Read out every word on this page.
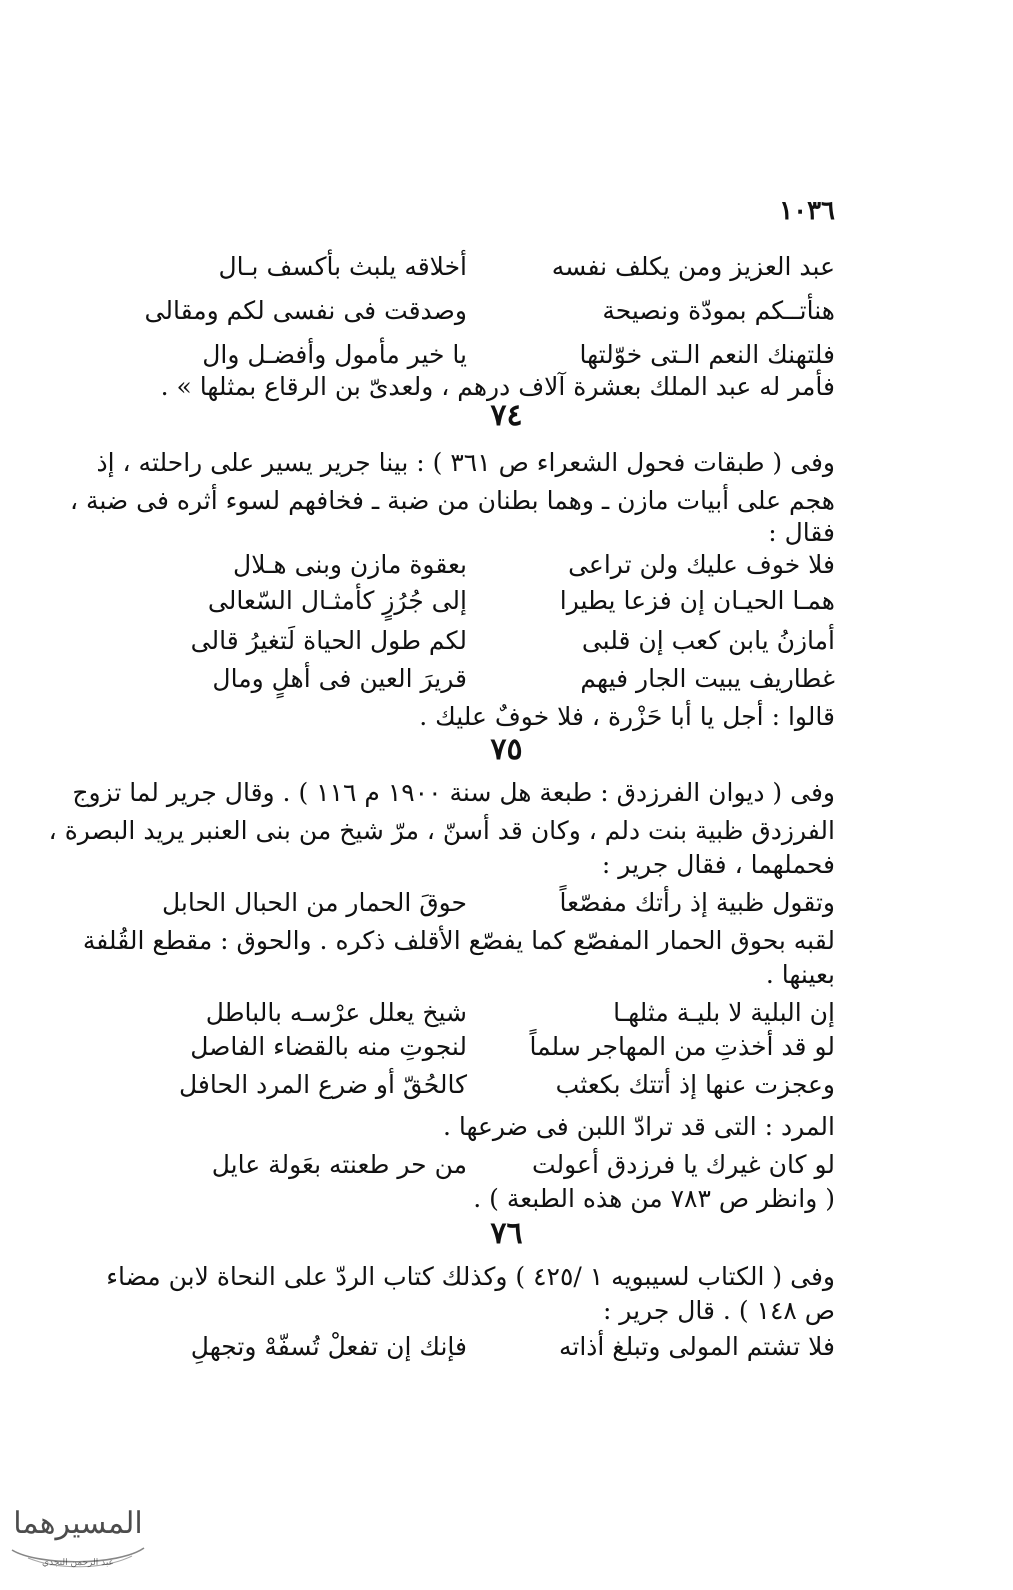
١٠٣٦
عبد العزيز ومن يكلف نفسه
أخلاقه يلبث بأكسف بـال
هنأتــكم بمودّة ونصيحة
وصدقت فى نفسى لكم ومقالى
فلتهنك النعم الـتى خوّلتها
يا خير مأمول وأفضـل وال
فأمر له عبد الملك بعشرة آلاف درهم ، ولعدىّ بن الرقاع بمثلها » .
٧٤
وفى ( طبقات فحول الشعراء ص ٣٦١ ) : بينا جرير يسير على راحلته ، إذ
هجم على أبيات مازن ـ وهما بطنان من ضبة ـ فخافهم لسوء أثره فى ضبة ،
فقال :
فلا خوف عليك ولن تراعى
بعقوة مازن وبنى هـلال
همـا الحيـان إن فزعا يطيرا
إلى جُرُزٍ كأمثـال السّعالى
أمازنُ يابن كعب إن قلبى
لكم طول الحياة لَتغيرُ قالى
غطاريف يبيت الجار فيهم
قريرَ العين فى أهلٍ ومال
قالوا : أجل يا أبا حَزْرة ، فلا خوفٌ عليك .
٧٥
وفى ( ديوان الفرزدق : طبعة هل سنة ١٩٠٠ م ١١٦ ) . وقال جرير لما تزوج
الفرزدق ظبية بنت دلم ، وكان قد أسنّ ، مرّ شيخ من بنى العنبر يريد البصرة ،
فحملهما ، فقال جرير :
وتقول ظبية إذ رأتك مفصّعاً
حوقَ الحمار من الحبال الحابل
لقبه بحوق الحمار المفصّع كما يفصّع الأقلف ذكره . والحوق : مقطع القُلفة
بعينها .
إن البلية لا بليـة مثلهـا
شيخ يعلل عرْسـه بالباطل
لو قد أخذتِ من المهاجر سلماً
لنجوتِ منه بالقضاء الفاصل
وعجزت عنها إذ أتتك بكعثب
كالحُقّ أو ضرع المرد الحافل
المرد : التى قد ترادّ اللبن فى ضرعها .
لو كان غيرك يا فرزدق أعولت
من حر طعنته بعَولة عايل
( وانظر ص ٧٨٣ من هذه الطبعة ) .
٧٦
وفى ( الكتاب لسيبويه ١ /٤٢٥ ) وكذلك كتاب الردّ على النحاة لابن مضاء
ص ١٤٨ ) . قال جرير :
فلا تشتم المولى وتبلغ أذاته
فإنك إن تفعلْ تُسفّهْ وتجهلِ
المسيرهما
عبد الرحمن النجدي
